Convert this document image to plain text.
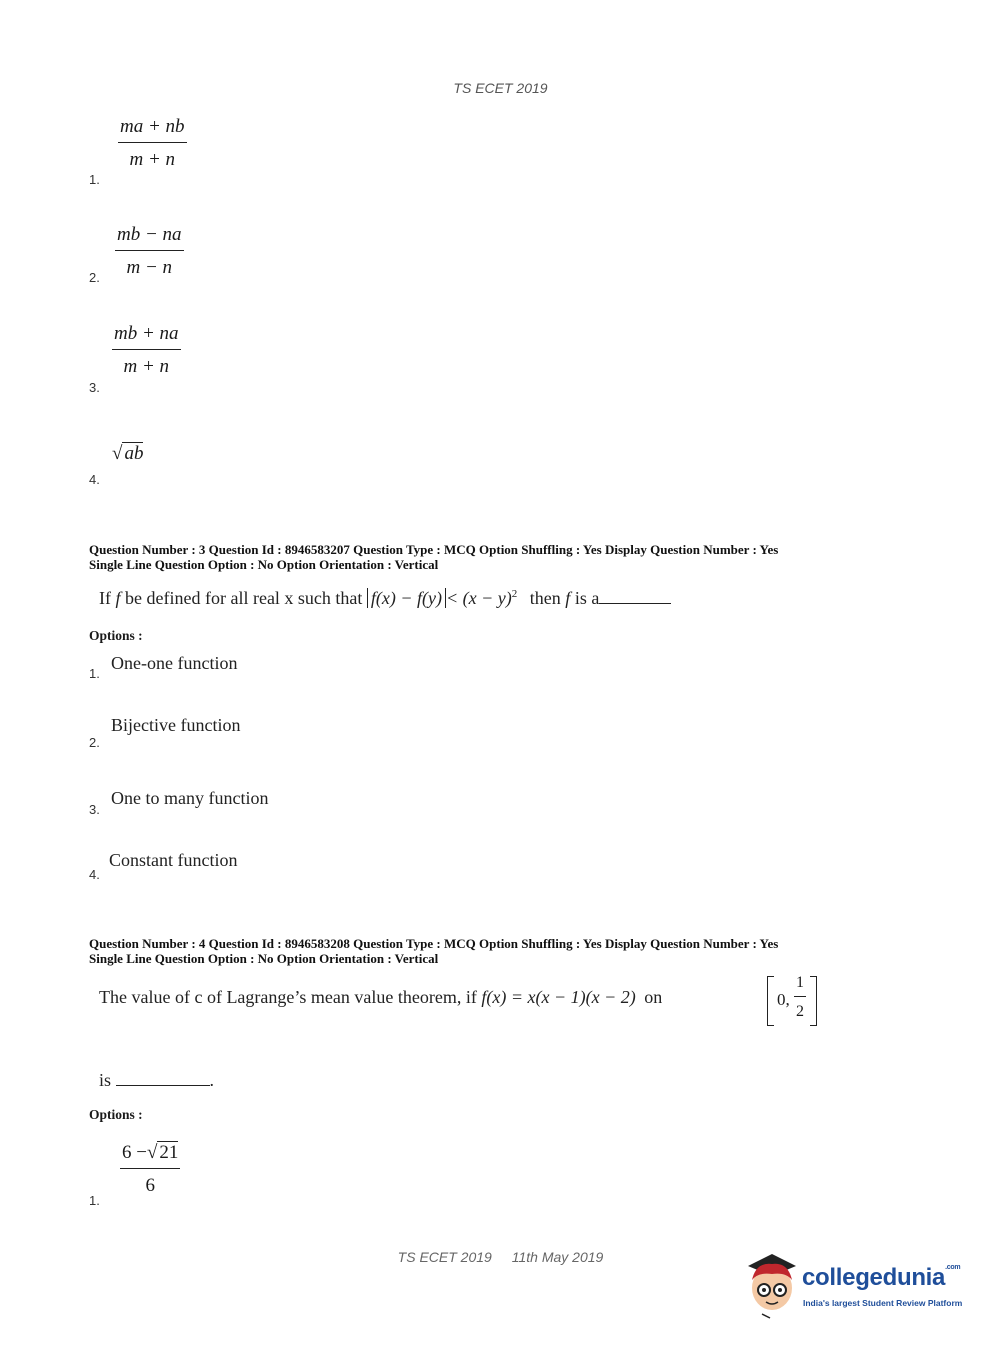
TS ECET 2019
$\frac{ma + nb}{m + n}$
1.
$\frac{mb - na}{m - n}$
2.
$\frac{mb + na}{m + n}$
3.
√ ab
4.
Question Number : 3 Question Id : 8946583207 Question Type : MCQ Option Shuffling : Yes Display Question Number : Yes
Single Line Question Option : No Option Orientation : Vertical
If f be defined for all real x such that $f(x) - f(y) < (x - y)^2$ then f is a
Options :
One-one function
1.
Bijective function
2.
One to many function
3.
Constant function
4.
Question Number : 4 Question Id : 8946583208 Question Type : MCQ Option Shuffling : Yes Display Question Number : Yes
Single Line Question Option : No Option Orientation : Vertical
The value of c of Lagrange’s mean value theorem, if f(x) = x(x − 1)(x − 2) on	0, $\frac{1}{2}$
is	.
Options :
$\frac{6 -√ 21}{6}$
1.
TS ECET 2019 11th May 2019
collegedunia$^{.com}$
India's largest Student Review Platform
